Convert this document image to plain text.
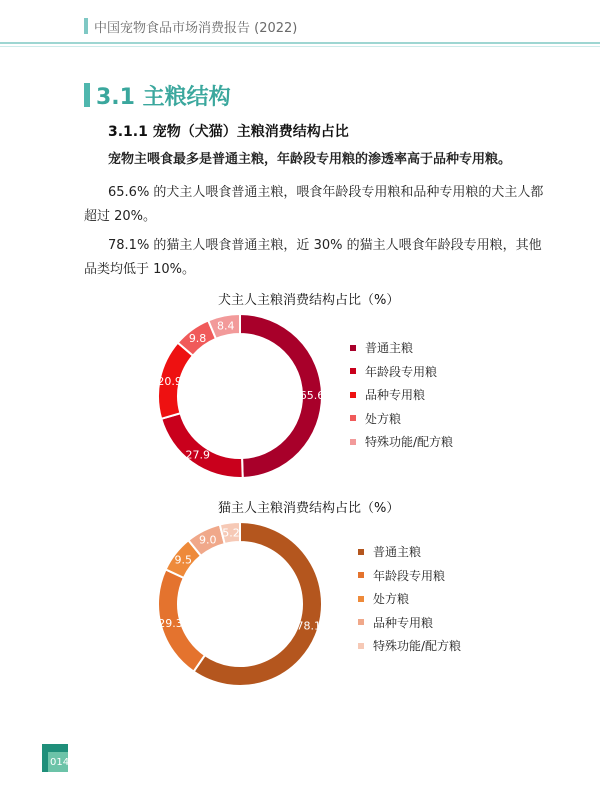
中国宠物食品市场消费报告 (2022)
3.1 主粮结构
3.1.1 宠物（犬猫）主粮消费结构占比
宠物主喂食最多是普通主粮，年龄段专用粮的渗透率高于品种专用粮。
65.6% 的犬主人喂食普通主粮，喂食年龄段专用粮和品种专用粮的犬主人都超过 20%。
78.1% 的猫主人喂食普通主粮，近 30% 的猫主人喂食年龄段专用粮，其他品类均低于 10%。
犬主人主粮消费结构占比（%）
65.6
27.9
20.9
9.8
8.4
普通主粮
年龄段专用粮
品种专用粮
处方粮
特殊功能/配方粮
猫主人主粮消费结构占比（%）
78.1
29.3
9.5
9.0
5.2
普通主粮
年龄段专用粮
处方粮
品种专用粮
特殊功能/配方粮
014
